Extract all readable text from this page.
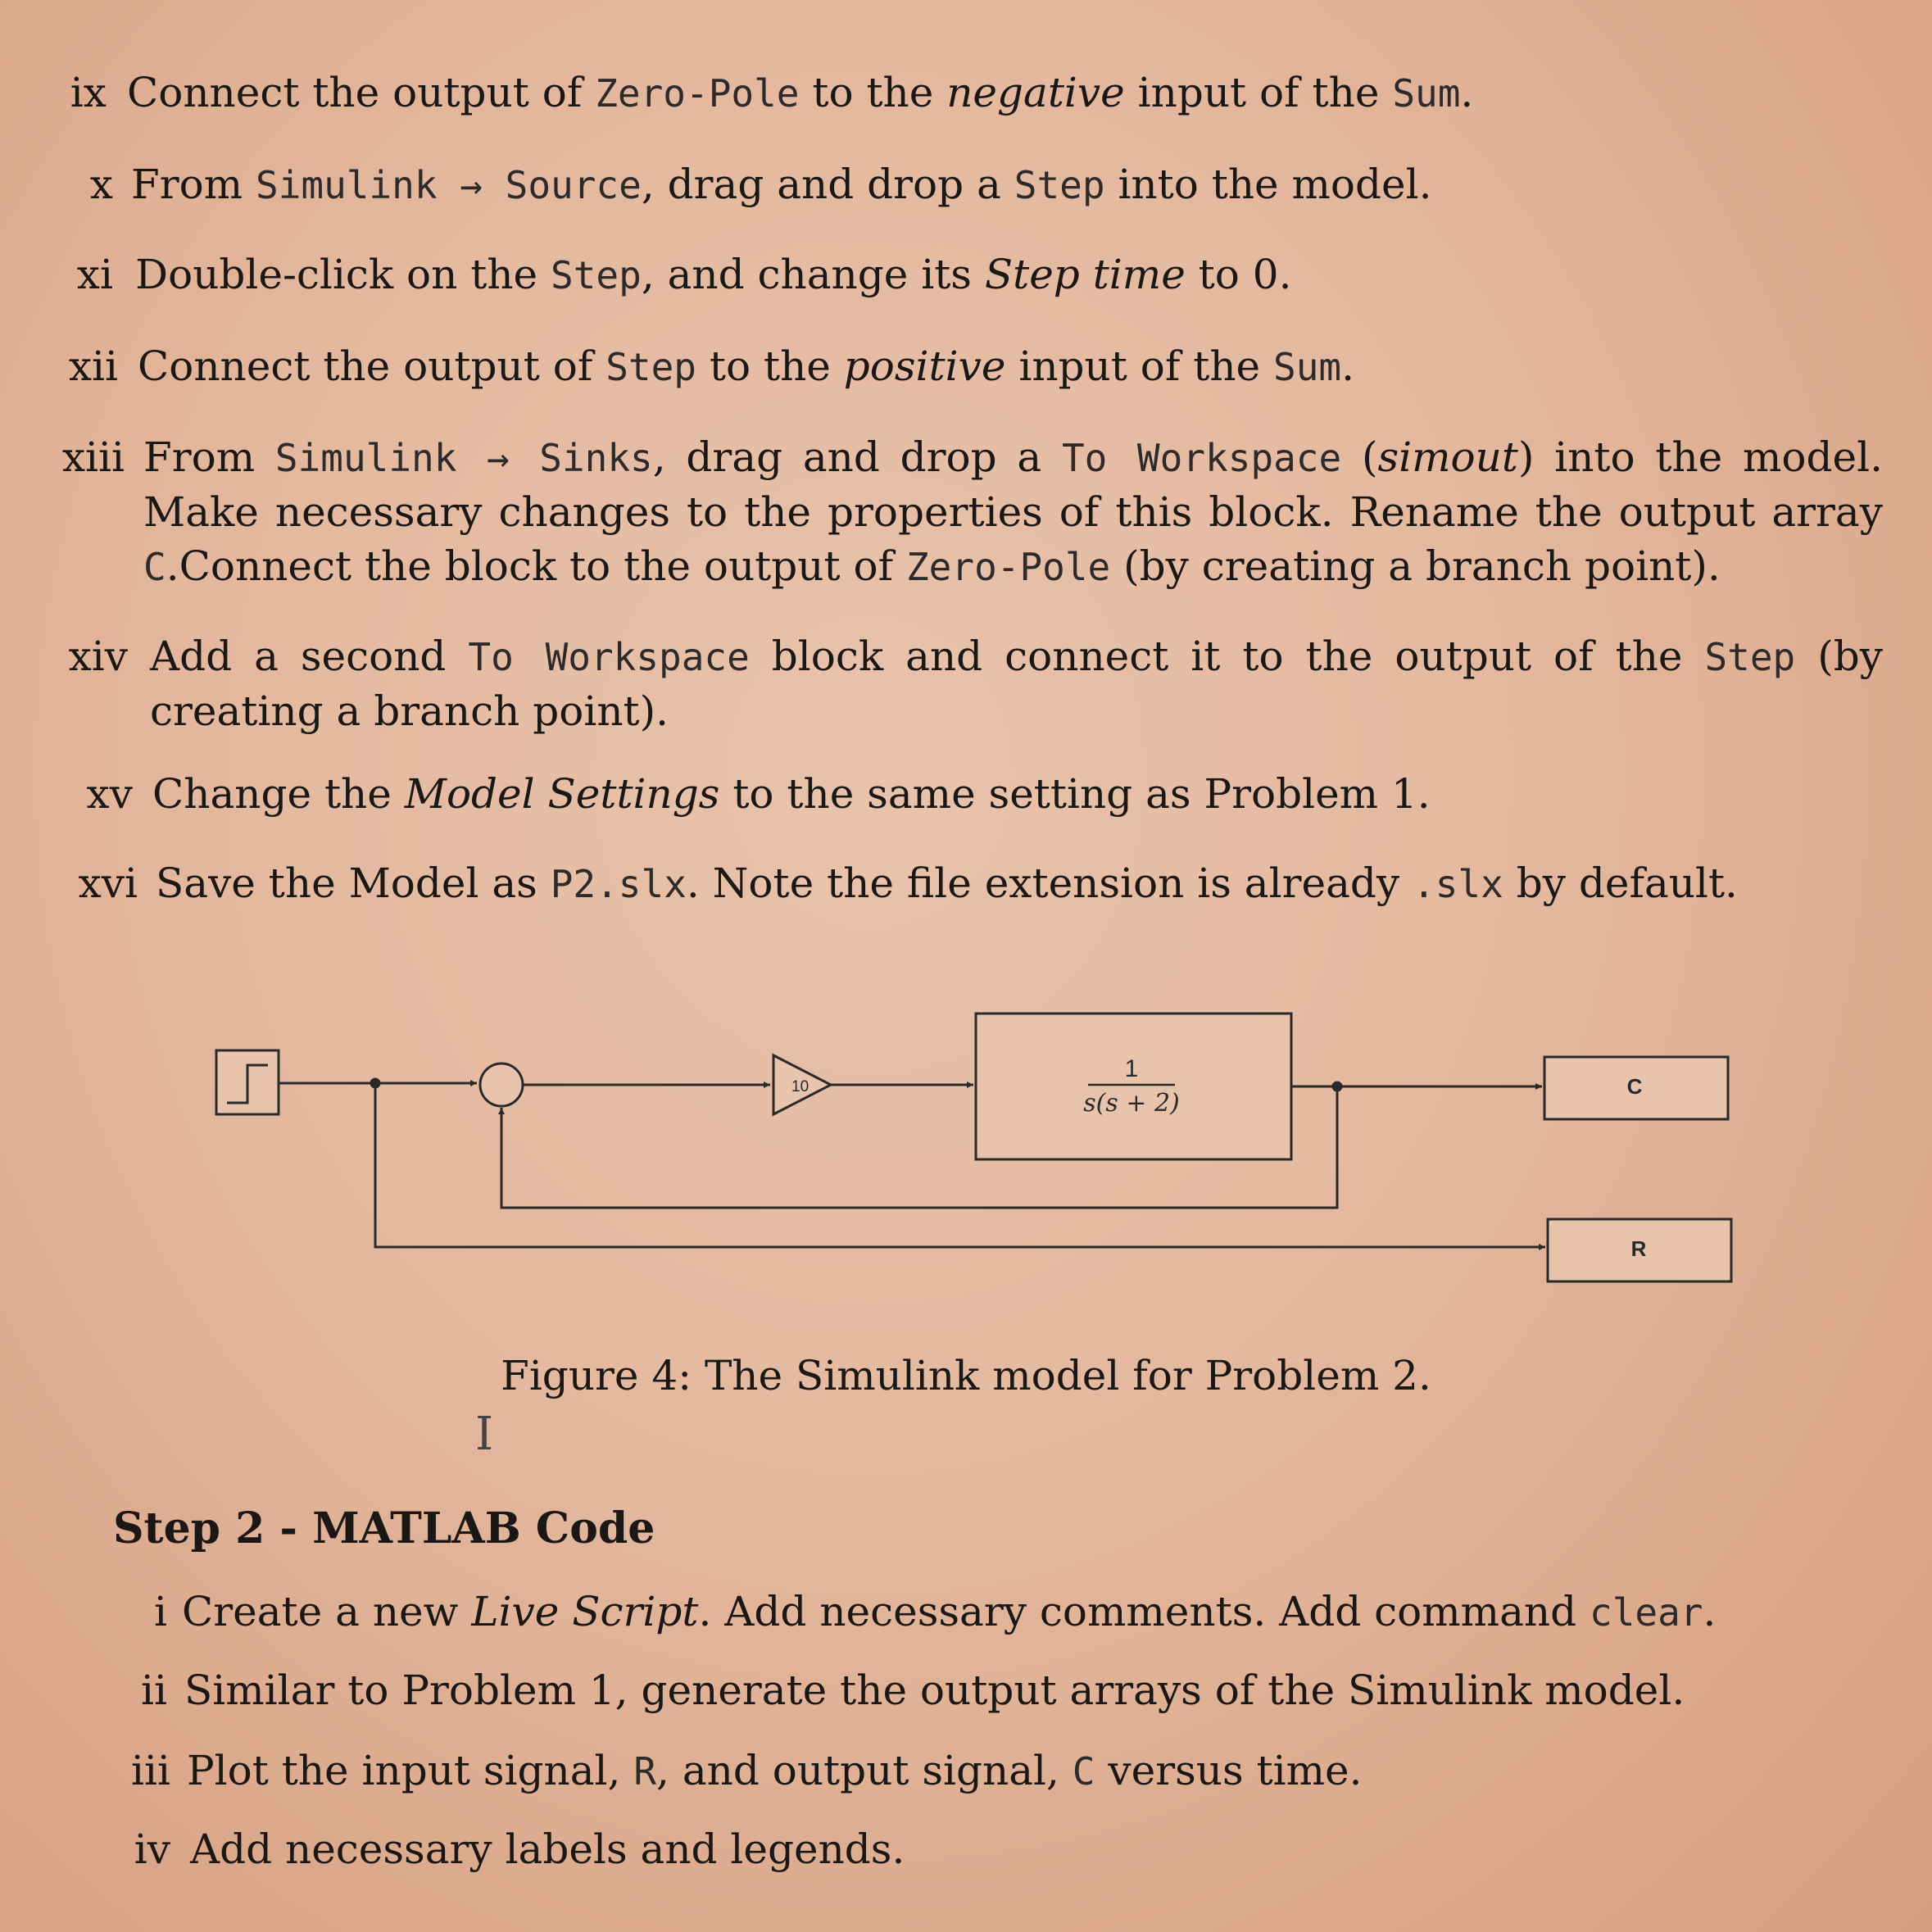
ix Connect the output of Zero-Pole to the negative input of the Sum.
x From Simulink → Source, drag and drop a Step into the model.
xi Double-click on the Step, and change its Step time to 0.
xii Connect the output of Step to the positive input of the Sum.
xiii From Simulink → Sinks, drag and drop a To Workspace (simout) into the model. Make necessary changes to the properties of this block. Rename the output array C.Connect the block to the output of Zero-Pole (by creating a branch point).
xiv Add a second To Workspace block and connect it to the output of the Step (by creating a branch point).
xv Change the Model Settings to the same setting as Problem 1.
xvi Save the Model as P2.slx. Note the file extension is already .slx by default.
10
1
s(s + 2)
C
R
Figure 4: The Simulink model for Problem 2.
I
Step 2 - MATLAB Code
i Create a new Live Script. Add necessary comments. Add command clear.
ii Similar to Problem 1, generate the output arrays of the Simulink model.
iii Plot the input signal, R, and output signal, C versus time.
iv Add necessary labels and legends.
